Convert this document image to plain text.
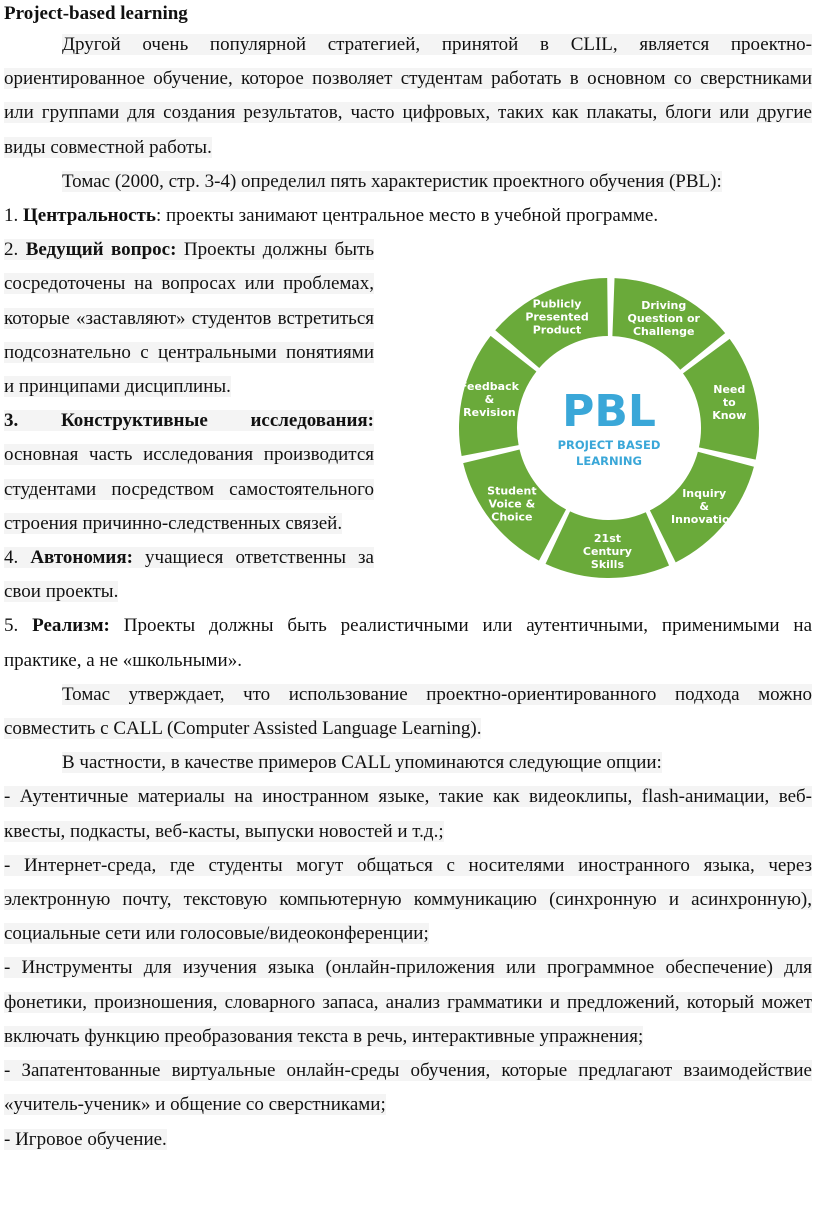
Project-based learning

Другой очень популярной стратегией, принятой в CLIL, является проектно-ориентированное обучение, которое позволяет студентам работать в основном со сверстниками или группами для создания результатов, часто цифровых, таких как плакаты, блоги или другие виды совместной работы.

Томас (2000, стр. 3-4) определил пять характеристик проектного обучения (PBL):

1. Центральность: проекты занимают центральное место в учебной программе.

2. Ведущий вопрос: Проекты должны быть сосредоточены на вопросах или проблемах, которые «заставляют» студентов встретиться подсознательно с центральными понятиями и принципами дисциплины.

3. Конструктивные исследования: основная часть исследования производится студентами посредством самостоятельного строения причинно-следственных связей.

4. Автономия: учащиеся ответственны за свои проекты.

5. Реализм: Проекты должны быть реалистичными или аутентичными, применимыми на практике, а не «школьными».

Томас утверждает, что использование проектно-ориентированного подхода можно совместить с CALL (Computer Assisted Language Learning).

В частности, в качестве примеров CALL упоминаются следующие опции:

- Аутентичные материалы на иностранном языке, такие как видеоклипы, flash-анимации, веб-квесты, подкасты, веб-касты, выпуски новостей и т.д.;

- Интернет-среда, где студенты могут общаться с носителями иностранного языка, через электронную почту, текстовую компьютерную коммуникацию (синхронную и асинхронную), социальные сети или голосовые/видеоконференции;

- Инструменты для изучения языка (онлайн-приложения или программное обеспечение) для фонетики, произношения, словарного запаса, анализ грамматики и предложений, который может включать функцию преобразования текста в речь, интерактивные упражнения;

- Запатентованные виртуальные онлайн-среды обучения, которые предлагают взаимодействие «учитель-ученик» и общение со сверстниками;

- Игровое обучение.

Publicly Presented Product
Driving Question or Challenge
Need to Know
Inquiry & Innovation
21st Century Skills
Student Voice & Choice
Feedback & Revision PBL
PROJECT BASED
LEARNING
